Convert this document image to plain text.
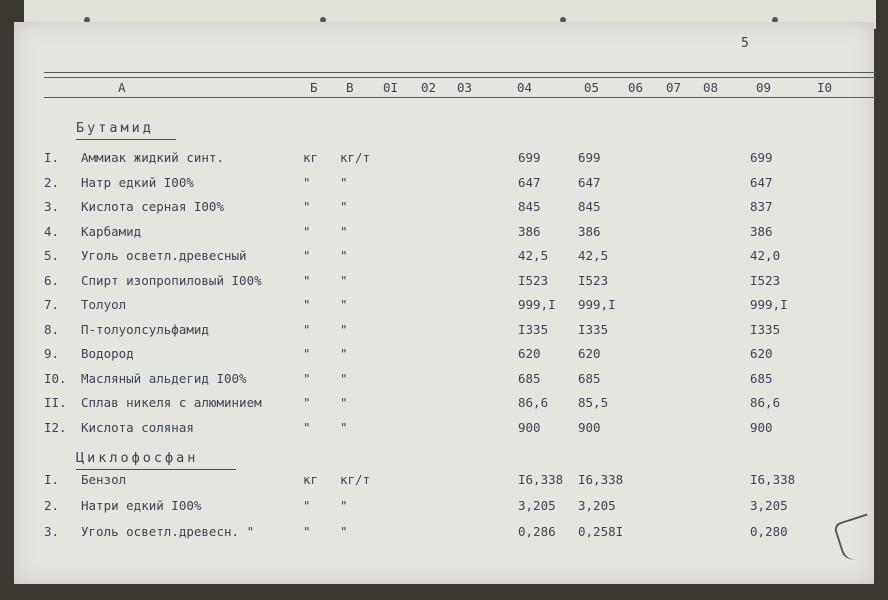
5
А	Б В 0I 02 03	04	05 06 07 08	09	I0
Бутамид
I. Аммиак жидкий синт.	кг кг/т	699	699	699
2. Натр едкий I00%	" "	647	647	647
3. Кислота серная I00%	" "	845	845	837
4. Карбамид	" "	386	386	386
5. Уголь осветл.древесный	" "	42,5 42,5	42,0
6. Спирт изопропиловый I00%	" "	I523 I523	I523
7. Толуол	" "	999,I 999,I	999,I
8. П-толуолсульфамид	" "	I335 I335	I335
9. Водород	" "	620	620	620
I0. Масляный альдегид I00%	" "	685	685	685
II. Сплав никеля с алюминием	" "	86,6 85,5	86,6
I2. Кислота соляная	" "	900	900	900
Циклофосфан
I. Бензол	кг кг/т	I6,338 I6,338	I6,338
2. Натри едкий I00%	" "	3,205 3,205	3,205
3. Уголь осветл.древесн. "	" "	0,286 0,258I	0,280
